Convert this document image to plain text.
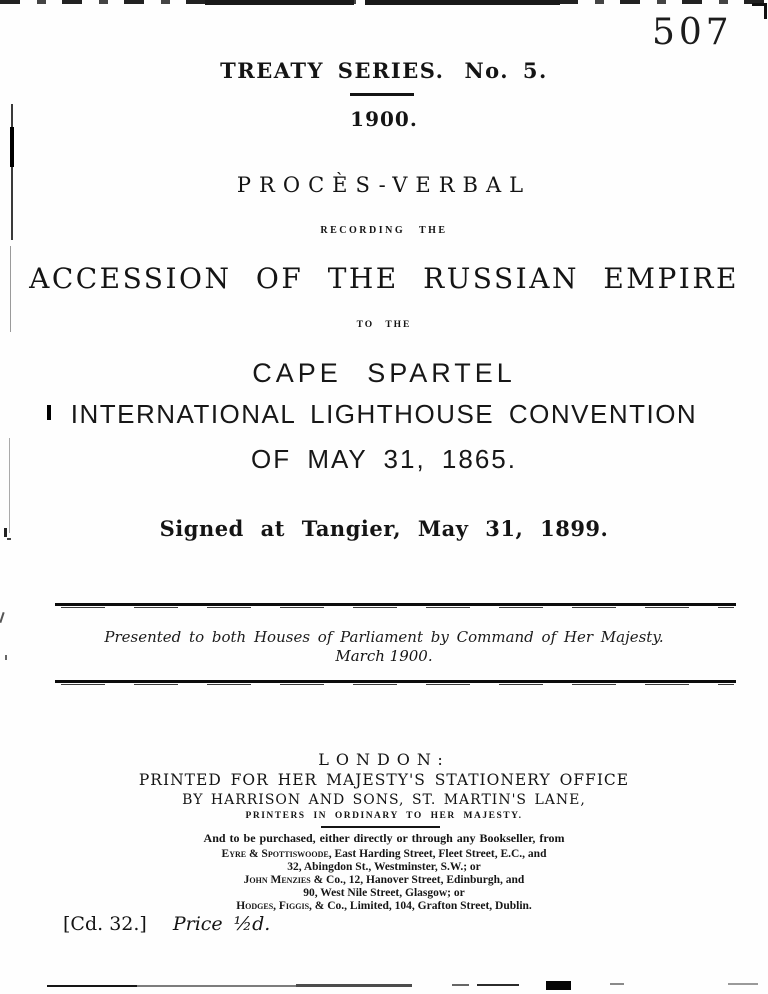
507
TREATY SERIES. No. 5.
1900.
PROCÈS-VERBAL
RECORDING THE
ACCESSION OF THE RUSSIAN EMPIRE
TO THE
CAPE SPARTEL
INTERNATIONAL LIGHTHOUSE CONVENTION
OF MAY 31, 1865.
Signed at Tangier, May 31, 1899.
Presented to both Houses of Parliament by Command of Her Majesty.
March 1900.
LONDON:
PRINTED FOR HER MAJESTY'S STATIONERY OFFICE
BY HARRISON AND SONS, ST. MARTIN'S LANE,
PRINTERS IN ORDINARY TO HER MAJESTY.
And to be purchased, either directly or through any Bookseller, from
Eyre & Spottiswoode, East Harding Street, Fleet Street, E.C., and
32, Abingdon St., Westminster, S.W.; or
John Menzies & Co., 12, Hanover Street, Edinburgh, and
90, West Nile Street, Glasgow; or
Hodges, Figgis, & Co., Limited, 104, Grafton Street, Dublin.
[Cd. 32.] Price ½d.
